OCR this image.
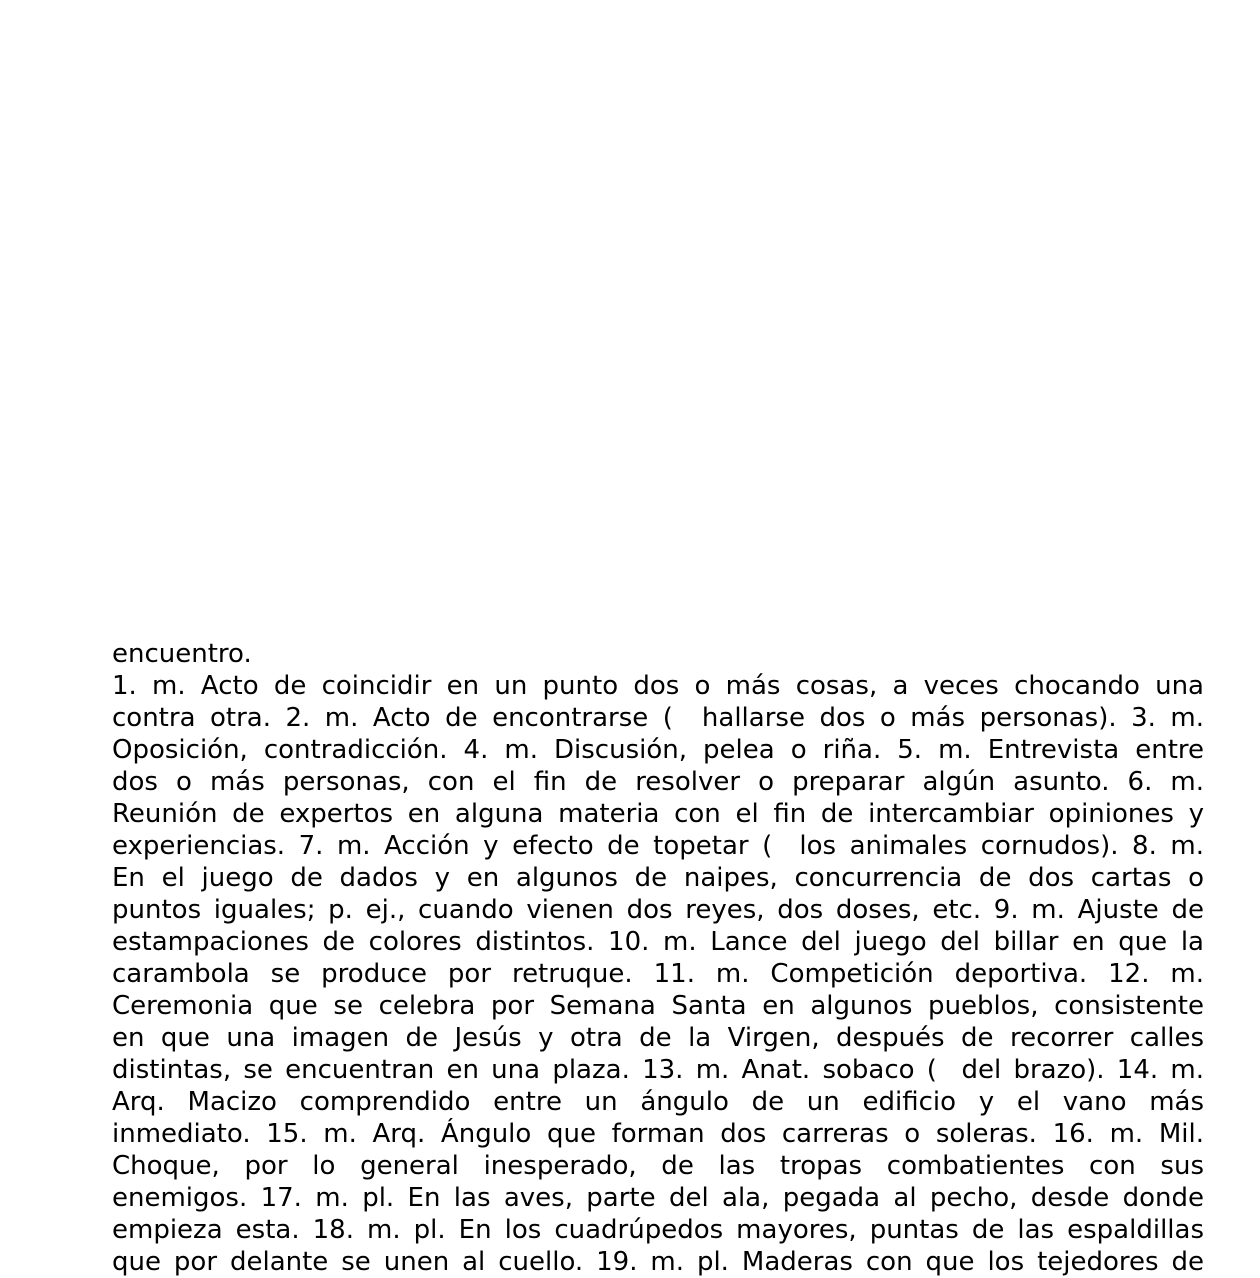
encuentro.
1. m. Acto de coincidir en un punto dos o más cosas, a veces chocando una
contra otra. 2. m. Acto de encontrarse (  hallarse dos o más personas). 3. m.
Oposición, contradicción. 4. m. Discusión, pelea o riña. 5. m. Entrevista entre
dos o más personas, con el fin de resolver o preparar algún asunto. 6. m.
Reunión de expertos en alguna materia con el fin de intercambiar opiniones y
experiencias. 7. m. Acción y efecto de topetar (  los animales cornudos). 8. m.
En el juego de dados y en algunos de naipes, concurrencia de dos cartas o
puntos iguales; p. ej., cuando vienen dos reyes, dos doses, etc. 9. m. Ajuste de
estampaciones de colores distintos. 10. m. Lance del juego del billar en que la
carambola se produce por retruque. 11. m. Competición deportiva. 12. m.
Ceremonia que se celebra por Semana Santa en algunos pueblos, consistente
en que una imagen de Jesús y otra de la Virgen, después de recorrer calles
distintas, se encuentran en una plaza. 13. m. Anat. sobaco (  del brazo). 14. m.
Arq. Macizo comprendido entre un ángulo de un edificio y el vano más
inmediato. 15. m. Arq. Ángulo que forman dos carreras o soleras. 16. m. Mil.
Choque, por lo general inesperado, de las tropas combatientes con sus
enemigos. 17. m. pl. En las aves, parte del ala, pegada al pecho, desde donde
empieza esta. 18. m. pl. En los cuadrúpedos mayores, puntas de las espaldillas
que por delante se unen al cuello. 19. m. pl. Maderas con que los tejedores de
